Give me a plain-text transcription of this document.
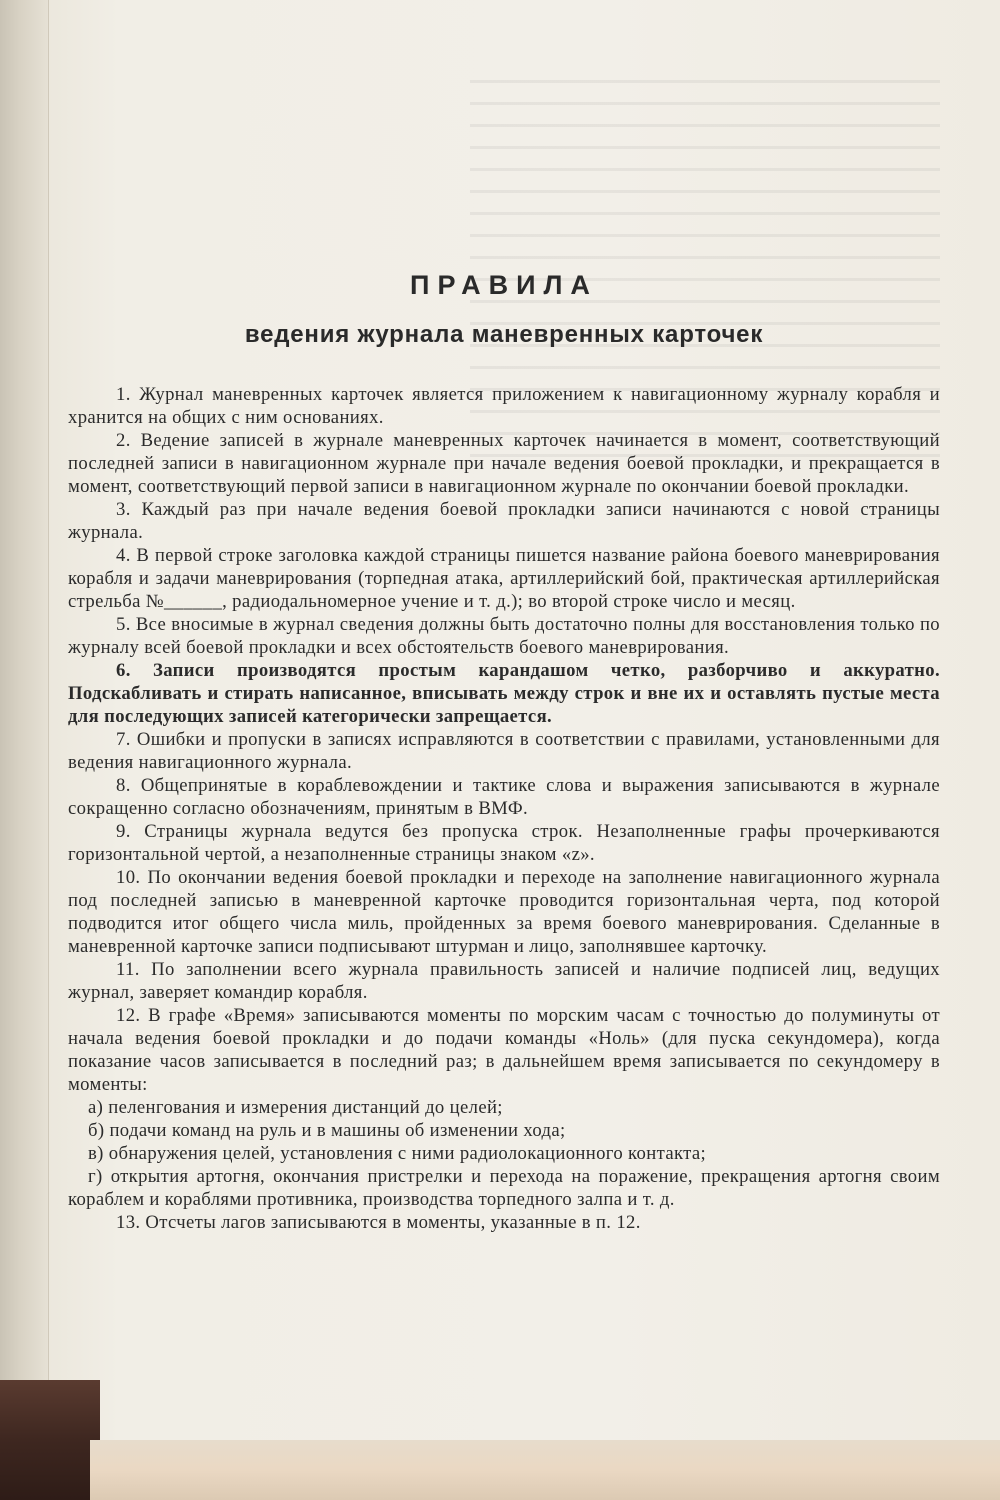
ПРАВИЛА
ведения журнала маневренных карточек

1. Журнал маневренных карточек является приложением к навигационному журналу корабля и хранится на общих с ним основаниях.

2. Ведение записей в журнале маневренных карточек начинается в момент, соответствующий последней записи в навигационном журнале при начале ведения боевой прокладки, и прекращается в момент, соответствующий первой записи в навигационном журнале по окончании боевой прокладки.

3. Каждый раз при начале ведения боевой прокладки записи начинаются с новой страницы журнала.

4. В первой строке заголовка каждой страницы пишется название района боевого маневрирования корабля и задачи маневрирования (торпедная атака, артиллерийский бой, практическая артиллерийская стрельба №______, радиодальномерное учение и т. д.); во второй строке число и месяц.

5. Все вносимые в журнал сведения должны быть достаточно полны для восстановления только по журналу всей боевой прокладки и всех обстоятельств боевого маневрирования.

6. Записи производятся простым карандашом четко, разборчиво и аккуратно. Подскабливать и стирать написанное, вписывать между строк и вне их и оставлять пустые места для последующих записей категорически запрещается.

7. Ошибки и пропуски в записях исправляются в соответствии с правилами, установленными для ведения навигационного журнала.

8. Общепринятые в кораблевождении и тактике слова и выражения записываются в журнале сокращенно согласно обозначениям, принятым в ВМФ.

9. Страницы журнала ведутся без пропуска строк. Незаполненные графы прочеркиваются горизонтальной чертой, а незаполненные страницы знаком «z».

10. По окончании ведения боевой прокладки и переходе на заполнение навигационного журнала под последней записью в маневренной карточке проводится горизонтальная черта, под которой подводится итог общего числа миль, пройденных за время боевого маневрирования. Сделанные в маневренной карточке записи подписывают штурман и лицо, заполнявшее карточку.

11. По заполнении всего журнала правильность записей и наличие подписей лиц, ведущих журнал, заверяет командир корабля.

12. В графе «Время» записываются моменты по морским часам с точностью до полуминуты от начала ведения боевой прокладки и до подачи команды «Ноль» (для пуска секундомера), когда показание часов записывается в последний раз; в дальнейшем время записывается по секундомеру в моменты:

а) пеленгования и измерения дистанций до целей;

б) подачи команд на руль и в машины об изменении хода;

в) обнаружения целей, установления с ними радиолокационного контакта;

г) открытия артогня, окончания пристрелки и перехода на поражение, прекращения артогня своим кораблем и кораблями противника, производства торпедного залпа и т. д.

13. Отсчеты лагов записываются в моменты, указанные в п. 12.
